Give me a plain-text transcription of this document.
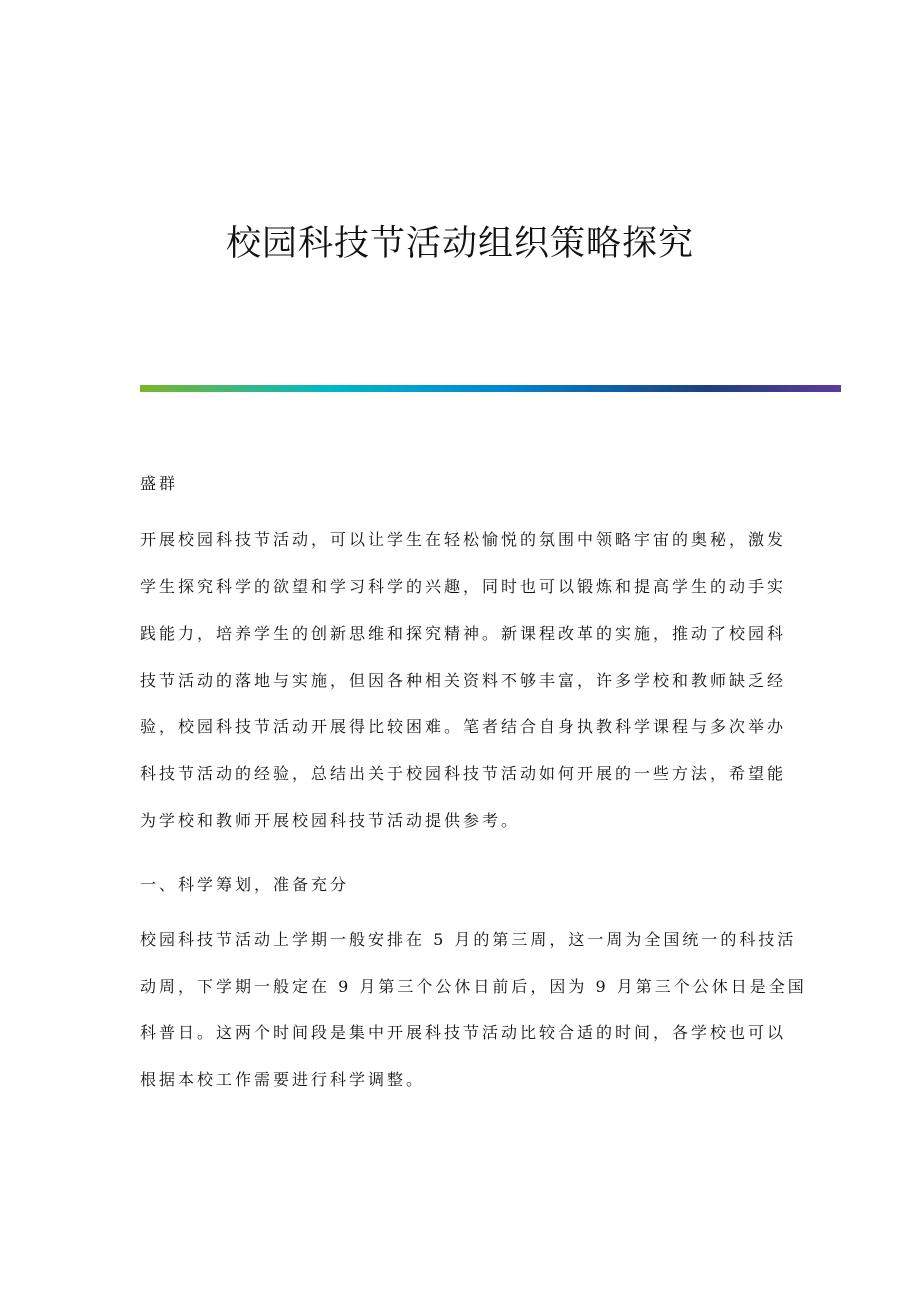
校园科技节活动组织策略探究
盛群
开展校园科技节活动，可以让学生在轻松愉悦的氛围中领略宇宙的奥秘，激发
学生探究科学的欲望和学习科学的兴趣，同时也可以锻炼和提高学生的动手实
践能力，培养学生的创新思维和探究精神。新课程改革的实施，推动了校园科
技节活动的落地与实施，但因各种相关资料不够丰富，许多学校和教师缺乏经
验，校园科技节活动开展得比较困难。笔者结合自身执教科学课程与多次举办
科技节活动的经验，总结出关于校园科技节活动如何开展的一些方法，希望能
为学校和教师开展校园科技节活动提供参考。
一、科学筹划，准备充分
校园科技节活动上学期一般安排在 5 月的第三周，这一周为全国统一的科技活
动周，下学期一般定在 9 月第三个公休日前后，因为 9 月第三个公休日是全国
科普日。这两个时间段是集中开展科技节活动比较合适的时间，各学校也可以
根据本校工作需要进行科学调整。
